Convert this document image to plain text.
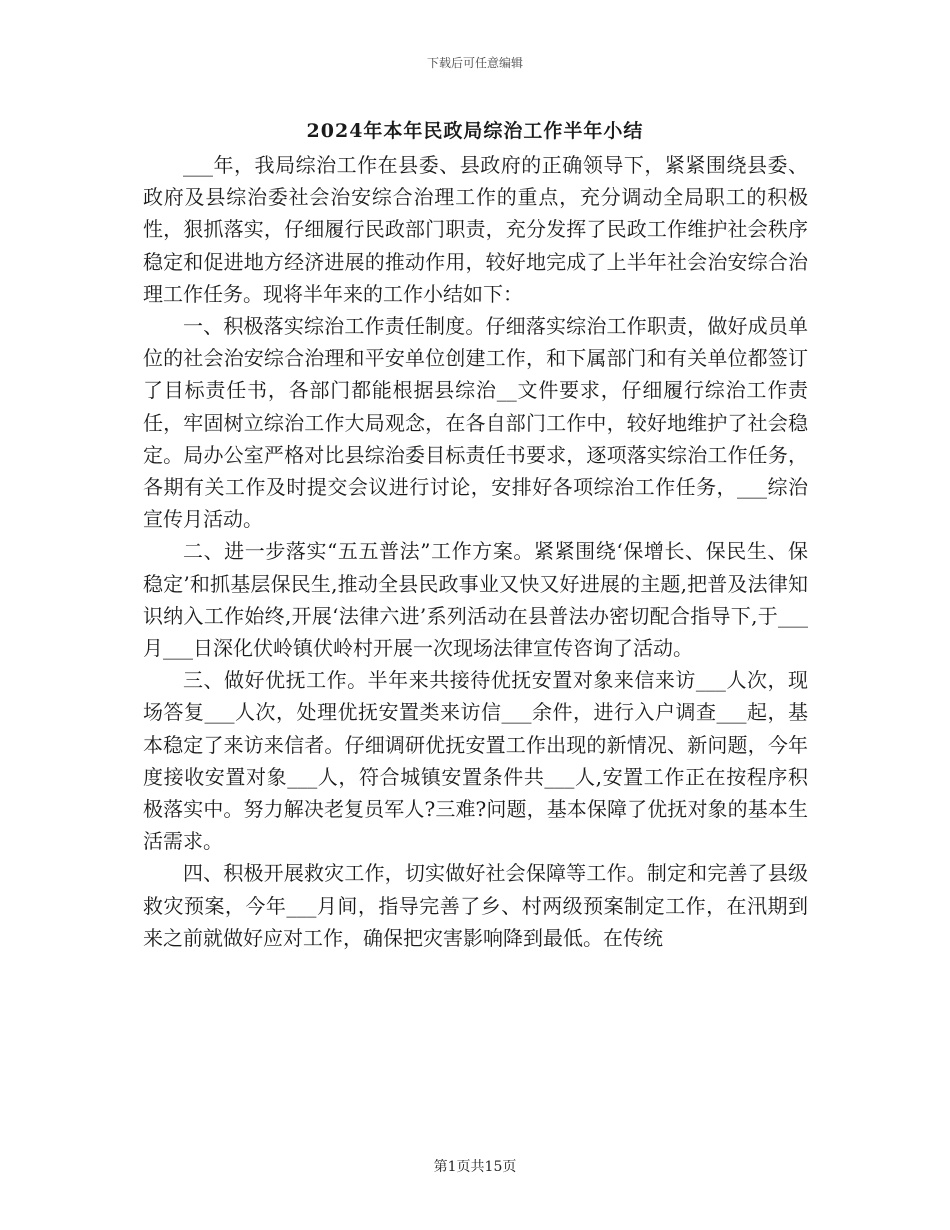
下载后可任意编辑
2024年本年民政局综治工作半年小结

___年，我局综治工作在县委、县政府的正确领导下，紧紧围绕县委、政府及县综治委社会治安综合治理工作的重点，充分调动全局职工的积极性，狠抓落实，仔细履行民政部门职责，充分发挥了民政工作维护社会秩序稳定和促进地方经济进展的推动作用，较好地完成了上半年社会治安综合治理工作任务。现将半年来的工作小结如下：

一、积极落实综治工作责任制度。仔细落实综治工作职责，做好成员单位的社会治安综合治理和平安单位创建工作，和下属部门和有关单位都签订了目标责任书，各部门都能根据县综治__文件要求，仔细履行综治工作责任，牢固树立综治工作大局观念，在各自部门工作中，较好地维护了社会稳定。局办公室严格对比县综治委目标责任书要求，逐项落实综治工作任务，各期有关工作及时提交会议进行讨论，安排好各项综治工作任务，___综治宣传月活动。

二、进一步落实“五五普法”工作方案。紧紧围绕‘保增长、保民生、保稳定’和抓基层保民生,推动全县民政事业又快又好进展的主题,把普及法律知识纳入工作始终,开展‘法律六进’系列活动在县普法办密切配合指导下,于___月___日深化伏岭镇伏岭村开展一次现场法律宣传咨询了活动。

三、做好优抚工作。半年来共接待优抚安置对象来信来访___人次，现场答复___人次，处理优抚安置类来访信___余件，进行入户调查___起，基本稳定了来访来信者。仔细调研优抚安置工作出现的新情况、新问题，今年度接收安置对象___人，符合城镇安置条件共___人,安置工作正在按程序积极落实中。努力解决老复员军人?三难?问题，基本保障了优抚对象的基本生活需求。

四、积极开展救灾工作，切实做好社会保障等工作。制定和完善了县级救灾预案，今年___月间，指导完善了乡、村两级预案制定工作，在汛期到来之前就做好应对工作，确保把灾害影响降到最低。在传统

第1页共15页
